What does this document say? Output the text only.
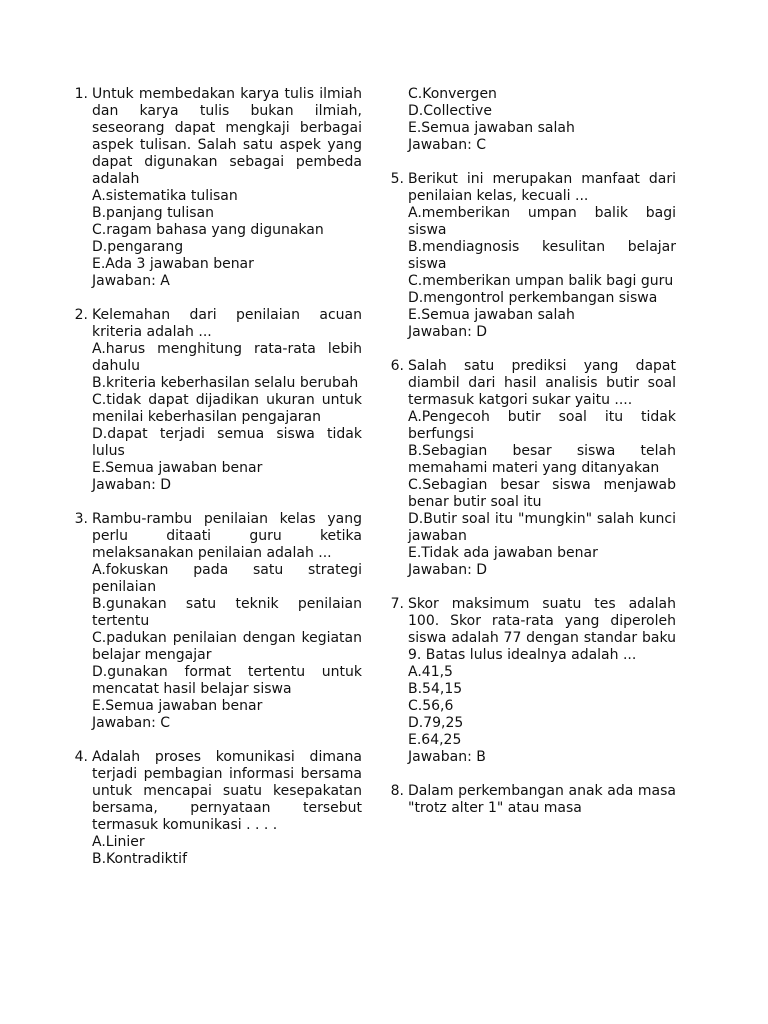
1. Untuk membedakan karya tulis ilmiah dan karya tulis bukan ilmiah, seseorang dapat mengkaji berbagai aspek tulisan. Salah satu aspek yang dapat digunakan sebagai pembeda adalah
A.sistematika tulisan
B.panjang tulisan
C.ragam bahasa yang digunakan
D.pengarang
E.Ada 3 jawaban benar
Jawaban: A
2. Kelemahan dari penilaian acuan kriteria adalah ...
A.harus menghitung rata-rata lebih dahulu
B.kriteria keberhasilan selalu berubah
C.tidak dapat dijadikan ukuran untuk menilai keberhasilan pengajaran
D.dapat terjadi semua siswa tidak lulus
E.Semua jawaban benar
Jawaban: D
3. Rambu-rambu penilaian kelas yang perlu ditaati guru ketika melaksanakan penilaian adalah ...
A.fokuskan pada satu strategi penilaian
B.gunakan satu teknik penilaian tertentu
C.padukan penilaian dengan kegiatan belajar mengajar
D.gunakan format tertentu untuk mencatat hasil belajar siswa
E.Semua jawaban benar
Jawaban: C
4. Adalah proses komunikasi dimana terjadi pembagian informasi bersama untuk mencapai suatu kesepakatan bersama, pernyataan tersebut termasuk komunikasi . . . .
A.Linier
B.Kontradiktif
C.Konvergen
D.Collective
E.Semua jawaban salah
Jawaban: C
5. Berikut ini merupakan manfaat dari penilaian kelas, kecuali ...
A.memberikan umpan balik bagi siswa
B.mendiagnosis kesulitan belajar siswa
C.memberikan umpan balik bagi guru
D.mengontrol perkembangan siswa
E.Semua jawaban salah
Jawaban: D
6. Salah satu prediksi yang dapat diambil dari hasil analisis butir soal termasuk katgori sukar yaitu ....
A.Pengecoh butir soal itu tidak berfungsi
B.Sebagian besar siswa telah memahami materi yang ditanyakan
C.Sebagian besar siswa menjawab benar butir soal itu
D.Butir soal itu "mungkin" salah kunci jawaban
E.Tidak ada jawaban benar
Jawaban: D
7. Skor maksimum suatu tes adalah 100. Skor rata-rata yang diperoleh siswa adalah 77 dengan standar baku 9. Batas lulus idealnya adalah ...
A.41,5
B.54,15
C.56,6
D.79,25
E.64,25
Jawaban: B
8. Dalam perkembangan anak ada masa "trotz alter 1" atau masa
